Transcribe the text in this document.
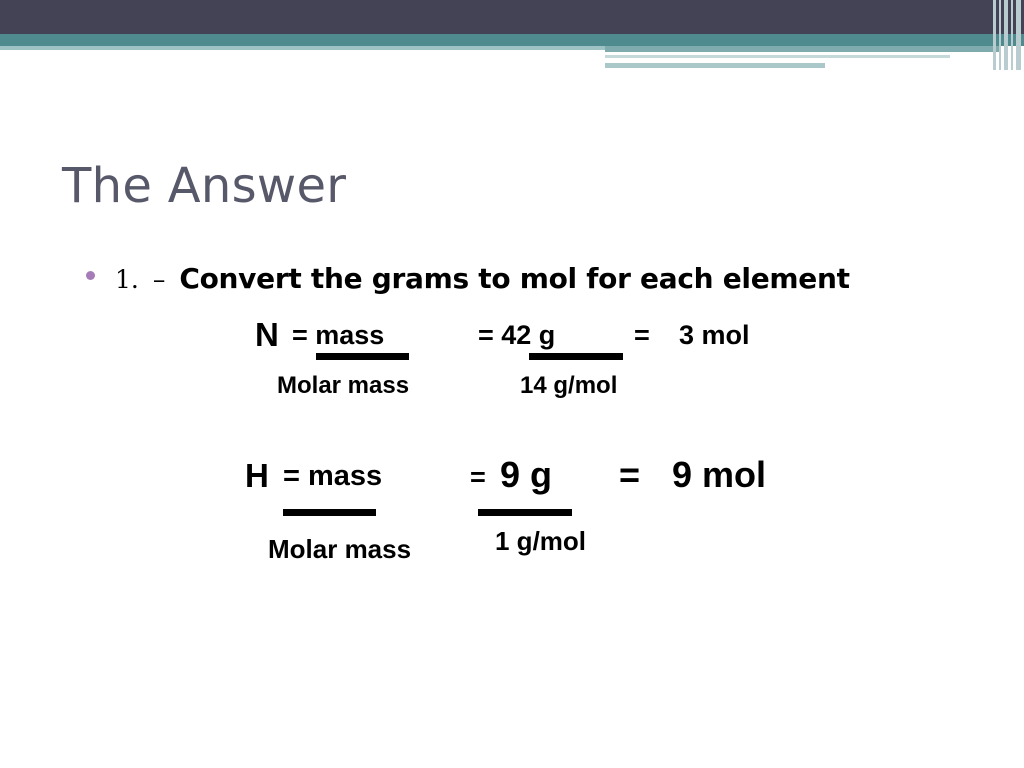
The Answer
1. – Convert the grams to mol for each element
N = mass	= 42 g	= 3 mol
Molar mass	14 g/mol
H = mass	= 9 g = 9 mol
Molar mass	1 g/mol
